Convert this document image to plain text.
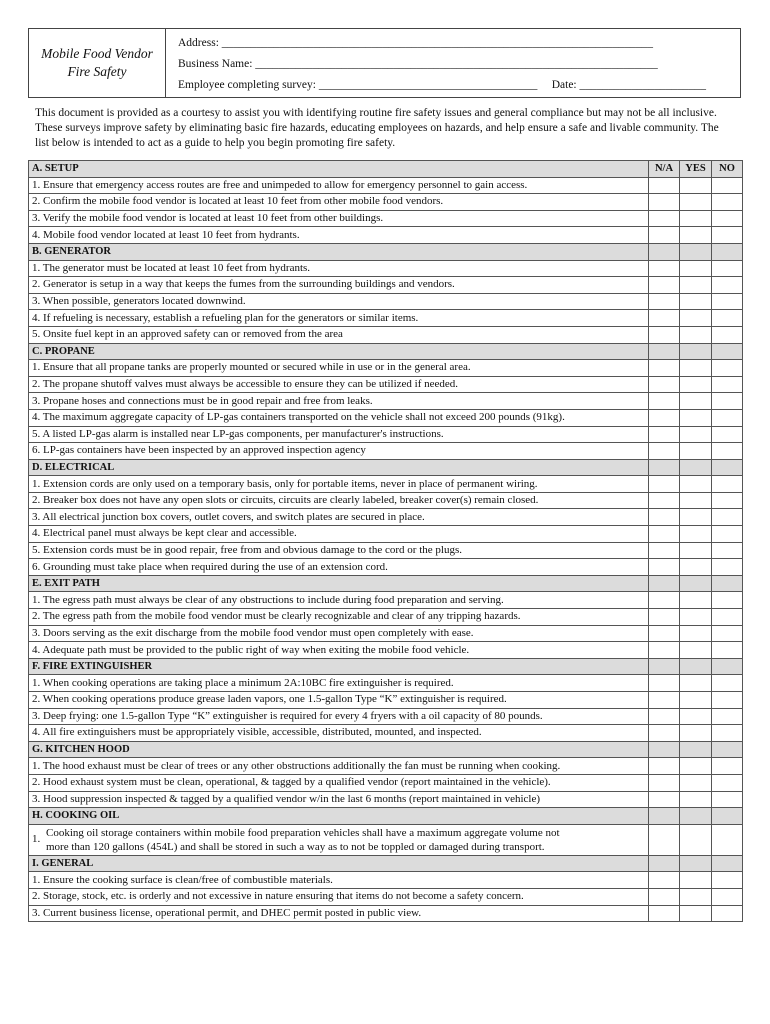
Mobile Food Vendor
Fire Safety
Address: ___________________________________________________________________________
Business Name: ______________________________________________________________________
Employee completing survey: ______________________________________ Date: ______________________
This document is provided as a courtesy to assist you with identifying routine fire safety issues and general compliance but may not be all inclusive. These surveys improve safety by eliminating basic fire hazards, educating employees on hazards, and help ensure a safe and livable community. The list below is intended to act as a guide to help you begin promoting fire safety.
A. SETUP	N/A	YES	NO
1. Ensure that emergency access routes are free and unimpeded to allow for emergency personnel to gain access.			
2. Confirm the mobile food vendor is located at least 10 feet from other mobile food vendors.			
3. Verify the mobile food vendor is located at least 10 feet from other buildings.			
4. Mobile food vendor located at least 10 feet from hydrants.			
B. GENERATOR			
1. The generator must be located at least 10 feet from hydrants.			
2. Generator is setup in a way that keeps the fumes from the surrounding buildings and vendors.			
3. When possible, generators located downwind.			
4. If refueling is necessary, establish a refueling plan for the generators or similar items.			
5. Onsite fuel kept in an approved safety can or removed from the area			
C. PROPANE			
1. Ensure that all propane tanks are properly mounted or secured while in use or in the general area.			
2. The propane shutoff valves must always be accessible to ensure they can be utilized if needed.			
3. Propane hoses and connections must be in good repair and free from leaks.			
4. The maximum aggregate capacity of LP-gas containers transported on the vehicle shall not exceed 200 pounds (91kg).			
5. A listed LP-gas alarm is installed near LP-gas components, per manufacturer's instructions.			
6. LP-gas containers have been inspected by an approved inspection agency			
D. ELECTRICAL			
1. Extension cords are only used on a temporary basis, only for portable items, never in place of permanent wiring.			
2. Breaker box does not have any open slots or circuits, circuits are clearly labeled, breaker cover(s) remain closed.			
3. All electrical junction box covers, outlet covers, and switch plates are secured in place.			
4. Electrical panel must always be kept clear and accessible.			
5. Extension cords must be in good repair, free from and obvious damage to the cord or the plugs.			
6. Grounding must take place when required during the use of an extension cord.			
E. EXIT PATH			
1. The egress path must always be clear of any obstructions to include during food preparation and serving.			
2. The egress path from the mobile food vendor must be clearly recognizable and clear of any tripping hazards.			
3. Doors serving as the exit discharge from the mobile food vendor must open completely with ease.			
4. Adequate path must be provided to the public right of way when exiting the mobile food vehicle.			
F. FIRE EXTINGUISHER			
1. When cooking operations are taking place a minimum 2A:10BC fire extinguisher is required.			
2. When cooking operations produce grease laden vapors, one 1.5-gallon Type “K” extinguisher is required.			
3. Deep frying: one 1.5-gallon Type “K” extinguisher is required for every 4 fryers with a oil capacity of 80 pounds.			
4. All fire extinguishers must be appropriately visible, accessible, distributed, mounted, and inspected.			
G. KITCHEN HOOD			
1. The hood exhaust must be clear of trees or any other obstructions additionally the fan must be running when cooking.			
2. Hood exhaust system must be clean, operational, & tagged by a qualified vendor (report maintained in the vehicle).			
3. Hood suppression inspected & tagged by a qualified vendor w/in the last 6 months (report maintained in vehicle)			
H. COOKING OIL			

1.
Cooking oil storage containers within mobile food preparation vehicles shall have a maximum aggregate volume not
more than 120 gallons (454L) and shall be stored in such a way as to not be toppled or damaged during transport.			

I. GENERAL			
1. Ensure the cooking surface is clean/free of combustible materials.			
2. Storage, stock, etc. is orderly and not excessive in nature ensuring that items do not become a safety concern.			
3. Current business license, operational permit, and DHEC permit posted in public view.			
